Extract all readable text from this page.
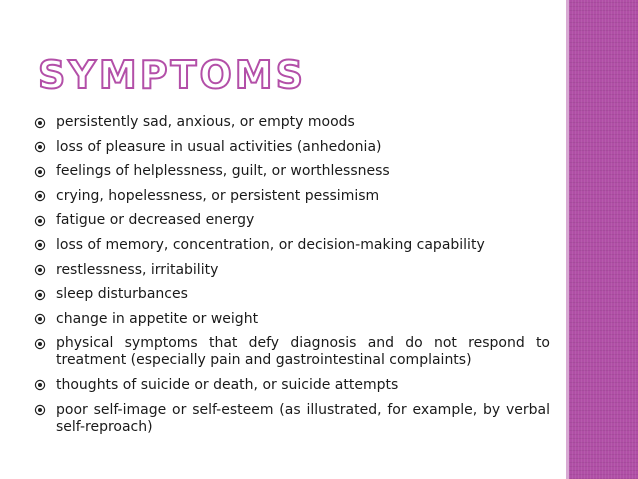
SYMPTOMS
persistently sad, anxious, or empty moods
loss of pleasure in usual activities (anhedonia)
feelings of helplessness, guilt, or worthlessness
crying, hopelessness, or persistent pessimism
fatigue or decreased energy
loss of memory, concentration, or decision-making capability
restlessness, irritability
sleep disturbances
change in appetite or weight
physical symptoms that defy diagnosis and do not respond to treatment (especially pain and gastrointestinal complaints)
thoughts of suicide or death, or suicide attempts
poor self-image or self-esteem (as illustrated, for example, by verbal self-reproach)
